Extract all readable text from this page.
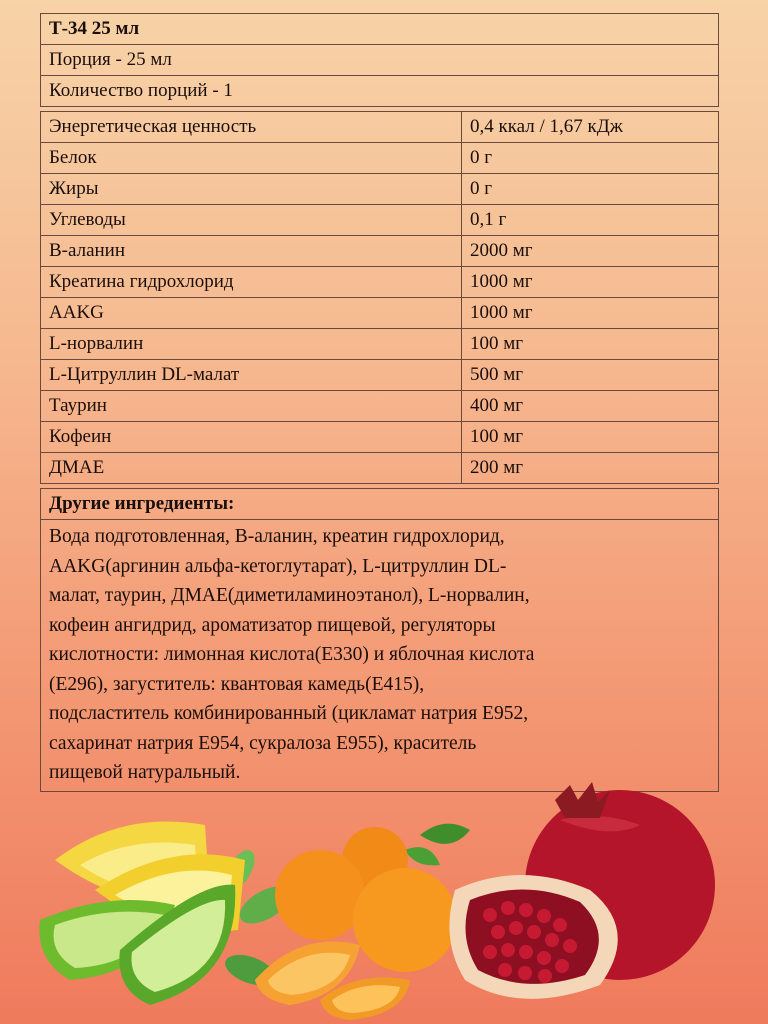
Т-34 25 мл
Порция - 25 мл
Количество порций - 1
Энергетическая ценность	0,4 ккал / 1,67 кДж
Белок	0 г
Жиры	0 г
Углеводы	0,1 г
В-аланин	2000 мг
Креатина гидрохлорид	1000 мг
AAKG	1000 мг
L-норвалин	100 мг
L-Цитруллин DL-малат	500 мг
Таурин	400 мг
Кофеин	100 мг
ДМАЕ	200 мг
Другие ингредиенты:
Вода подготовленная, В-аланин, креатин гидрохлорид,
AAKG(аргинин альфа-кетоглутарат), L-цитруллин DL-
малат, таурин, ДМАЕ(диметиламиноэтанол), L-норвалин,
кофеин ангидрид, ароматизатор пищевой, регуляторы
кислотности: лимонная кислота(Е330) и яблочная кислота
(Е296), загуститель: квантовая камедь(Е415),
подсластитель комбинированный (цикламат натрия Е952,
сахаринат натрия Е954, сукралоза Е955), краситель
пищевой натуральный.
